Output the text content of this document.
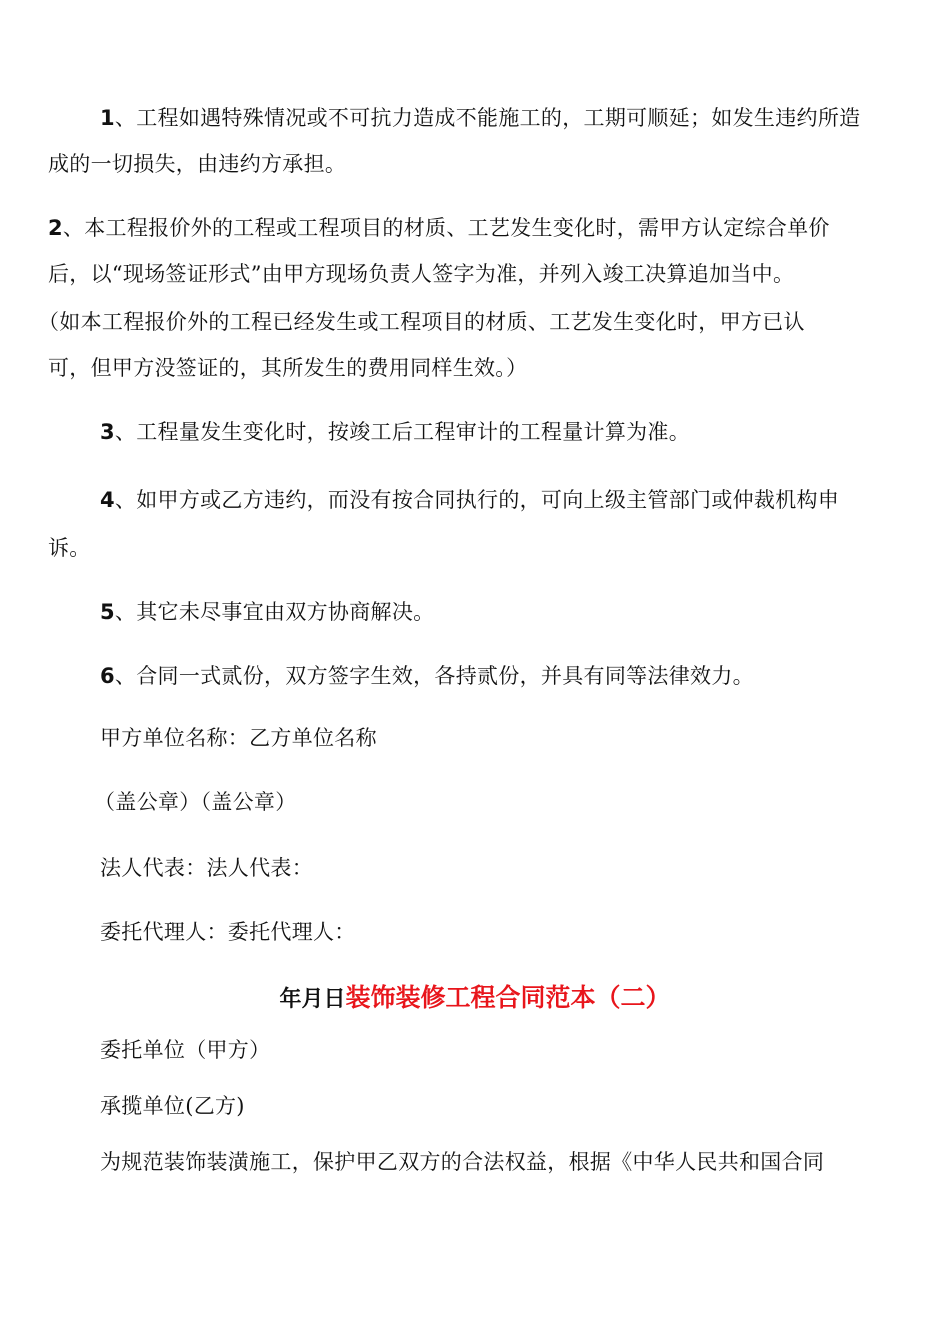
1、工程如遇特殊情况或不可抗力造成不能施工的，工期可顺延；如发生违约所造
成的一切损失，由违约方承担。
2、本工程报价外的工程或工程项目的材质、工艺发生变化时，需甲方认定综合单价
后，以“现场签证形式”由甲方现场负责人签字为准，并列入竣工决算追加当中。
（如本工程报价外的工程已经发生或工程项目的材质、工艺发生变化时，甲方已认
可，但甲方没签证的，其所发生的费用同样生效。）
3、工程量发生变化时，按竣工后工程审计的工程量计算为准。
4、如甲方或乙方违约，而没有按合同执行的，可向上级主管部门或仲裁机构申
诉。
5、其它未尽事宜由双方协商解决。
6、合同一式贰份，双方签字生效，各持贰份，并具有同等法律效力。
甲方单位名称：乙方单位名称
（盖公章）（盖公章）
法人代表：法人代表：
委托代理人：委托代理人：
年月日装饰装修工程合同范本（二）
委托单位（甲方）
承揽单位(乙方)
为规范装饰装潢施工，保护甲乙双方的合法权益，根据《中华人民共和国合同
